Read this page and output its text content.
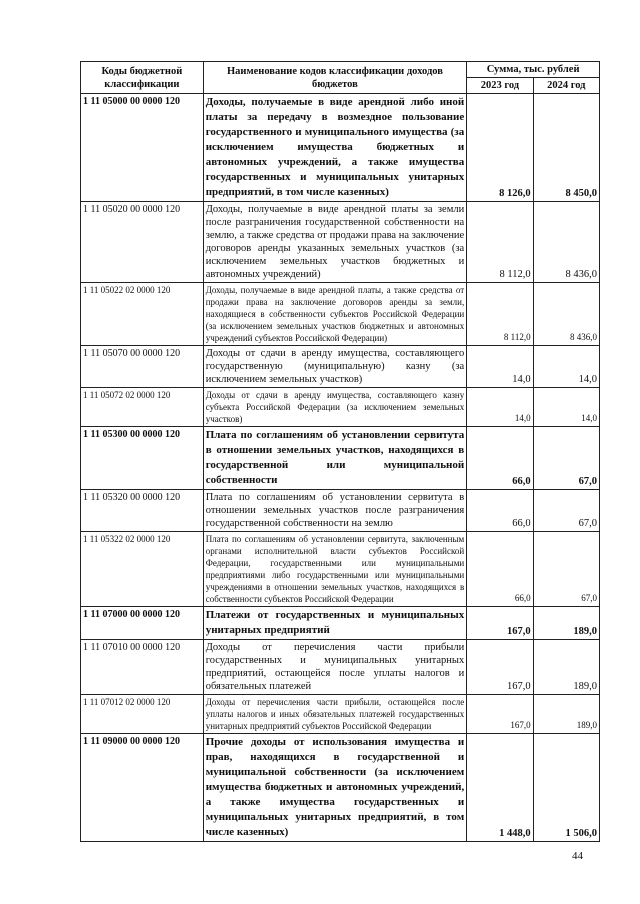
Коды бюджетной классификации	Наименование кодов классификации доходов бюджетов	Сумма, тыс. рублей	
		2023 год	2024 год
1 11 05000 00 0000 120	Доходы, получаемые в виде арендной либо иной платы за передачу в возмездное пользование государственного и муниципального имущества (за исключением имущества бюджетных и автономных учреждений, а также имущества государственных и муниципальных унитарных предприятий, в том числе казенных)	8 126,0	8 450,0
1 11 05020 00 0000 120	Доходы, получаемые в виде арендной платы за земли после разграничения государственной собственности на землю, а также средства от продажи права на заключение договоров аренды указанных земельных участков (за исключением земельных участков бюджетных и автономных учреждений)	8 112,0	8 436,0
1 11 05022 02 0000 120	Доходы, получаемые в виде арендной платы, а также средства от продажи права на заключение договоров аренды за земли, находящиеся в собственности субъектов Российской Федерации (за исключением земельных участков бюджетных и автономных учреждений субъектов Российской Федерации)	8 112,0	8 436,0
1 11 05070 00 0000 120	Доходы от сдачи в аренду имущества, составляющего государственную (муниципальную) казну (за исключением земельных участков)	14,0	14,0
1 11 05072 02 0000 120	Доходы от сдачи в аренду имущества, составляющего казну субъекта Российской Федерации (за исключением земельных участков)	14,0	14,0
1 11 05300 00 0000 120	Плата по соглашениям об установлении сервитута в отношении земельных участков, находящихся в государственной или муниципальной собственности	66,0	67,0
1 11 05320 00 0000 120	Плата по соглашениям об установлении сервитута в отношении земельных участков после разграничения государственной собственности на землю	66,0	67,0
1 11 05322 02 0000 120	Плата по соглашениям об установлении сервитута, заключенным органами исполнительной власти субъектов Российской Федерации, государственными или муниципальными предприятиями либо государственными или муниципальными учреждениями в отношении земельных участков, находящихся в собственности субъектов Российской Федерации	66,0	67,0
1 11 07000 00 0000 120	Платежи от государственных и муниципальных унитарных предприятий	167,0	189,0
1 11 07010 00 0000 120	Доходы от перечисления части прибыли государственных и муниципальных унитарных предприятий, остающейся после уплаты налогов и обязательных платежей	167,0	189,0
1 11 07012 02 0000 120	Доходы от перечисления части прибыли, остающейся после уплаты налогов и иных обязательных платежей государственных унитарных предприятий субъектов Российской Федерации	167,0	189,0
1 11 09000 00 0000 120	Прочие доходы от использования имущества и прав, находящихся в государственной и муниципальной собственности (за исключением имущества бюджетных и автономных учреждений, а также имущества государственных и муниципальных унитарных предприятий, в том числе казенных)	1 448,0	1 506,0
44
